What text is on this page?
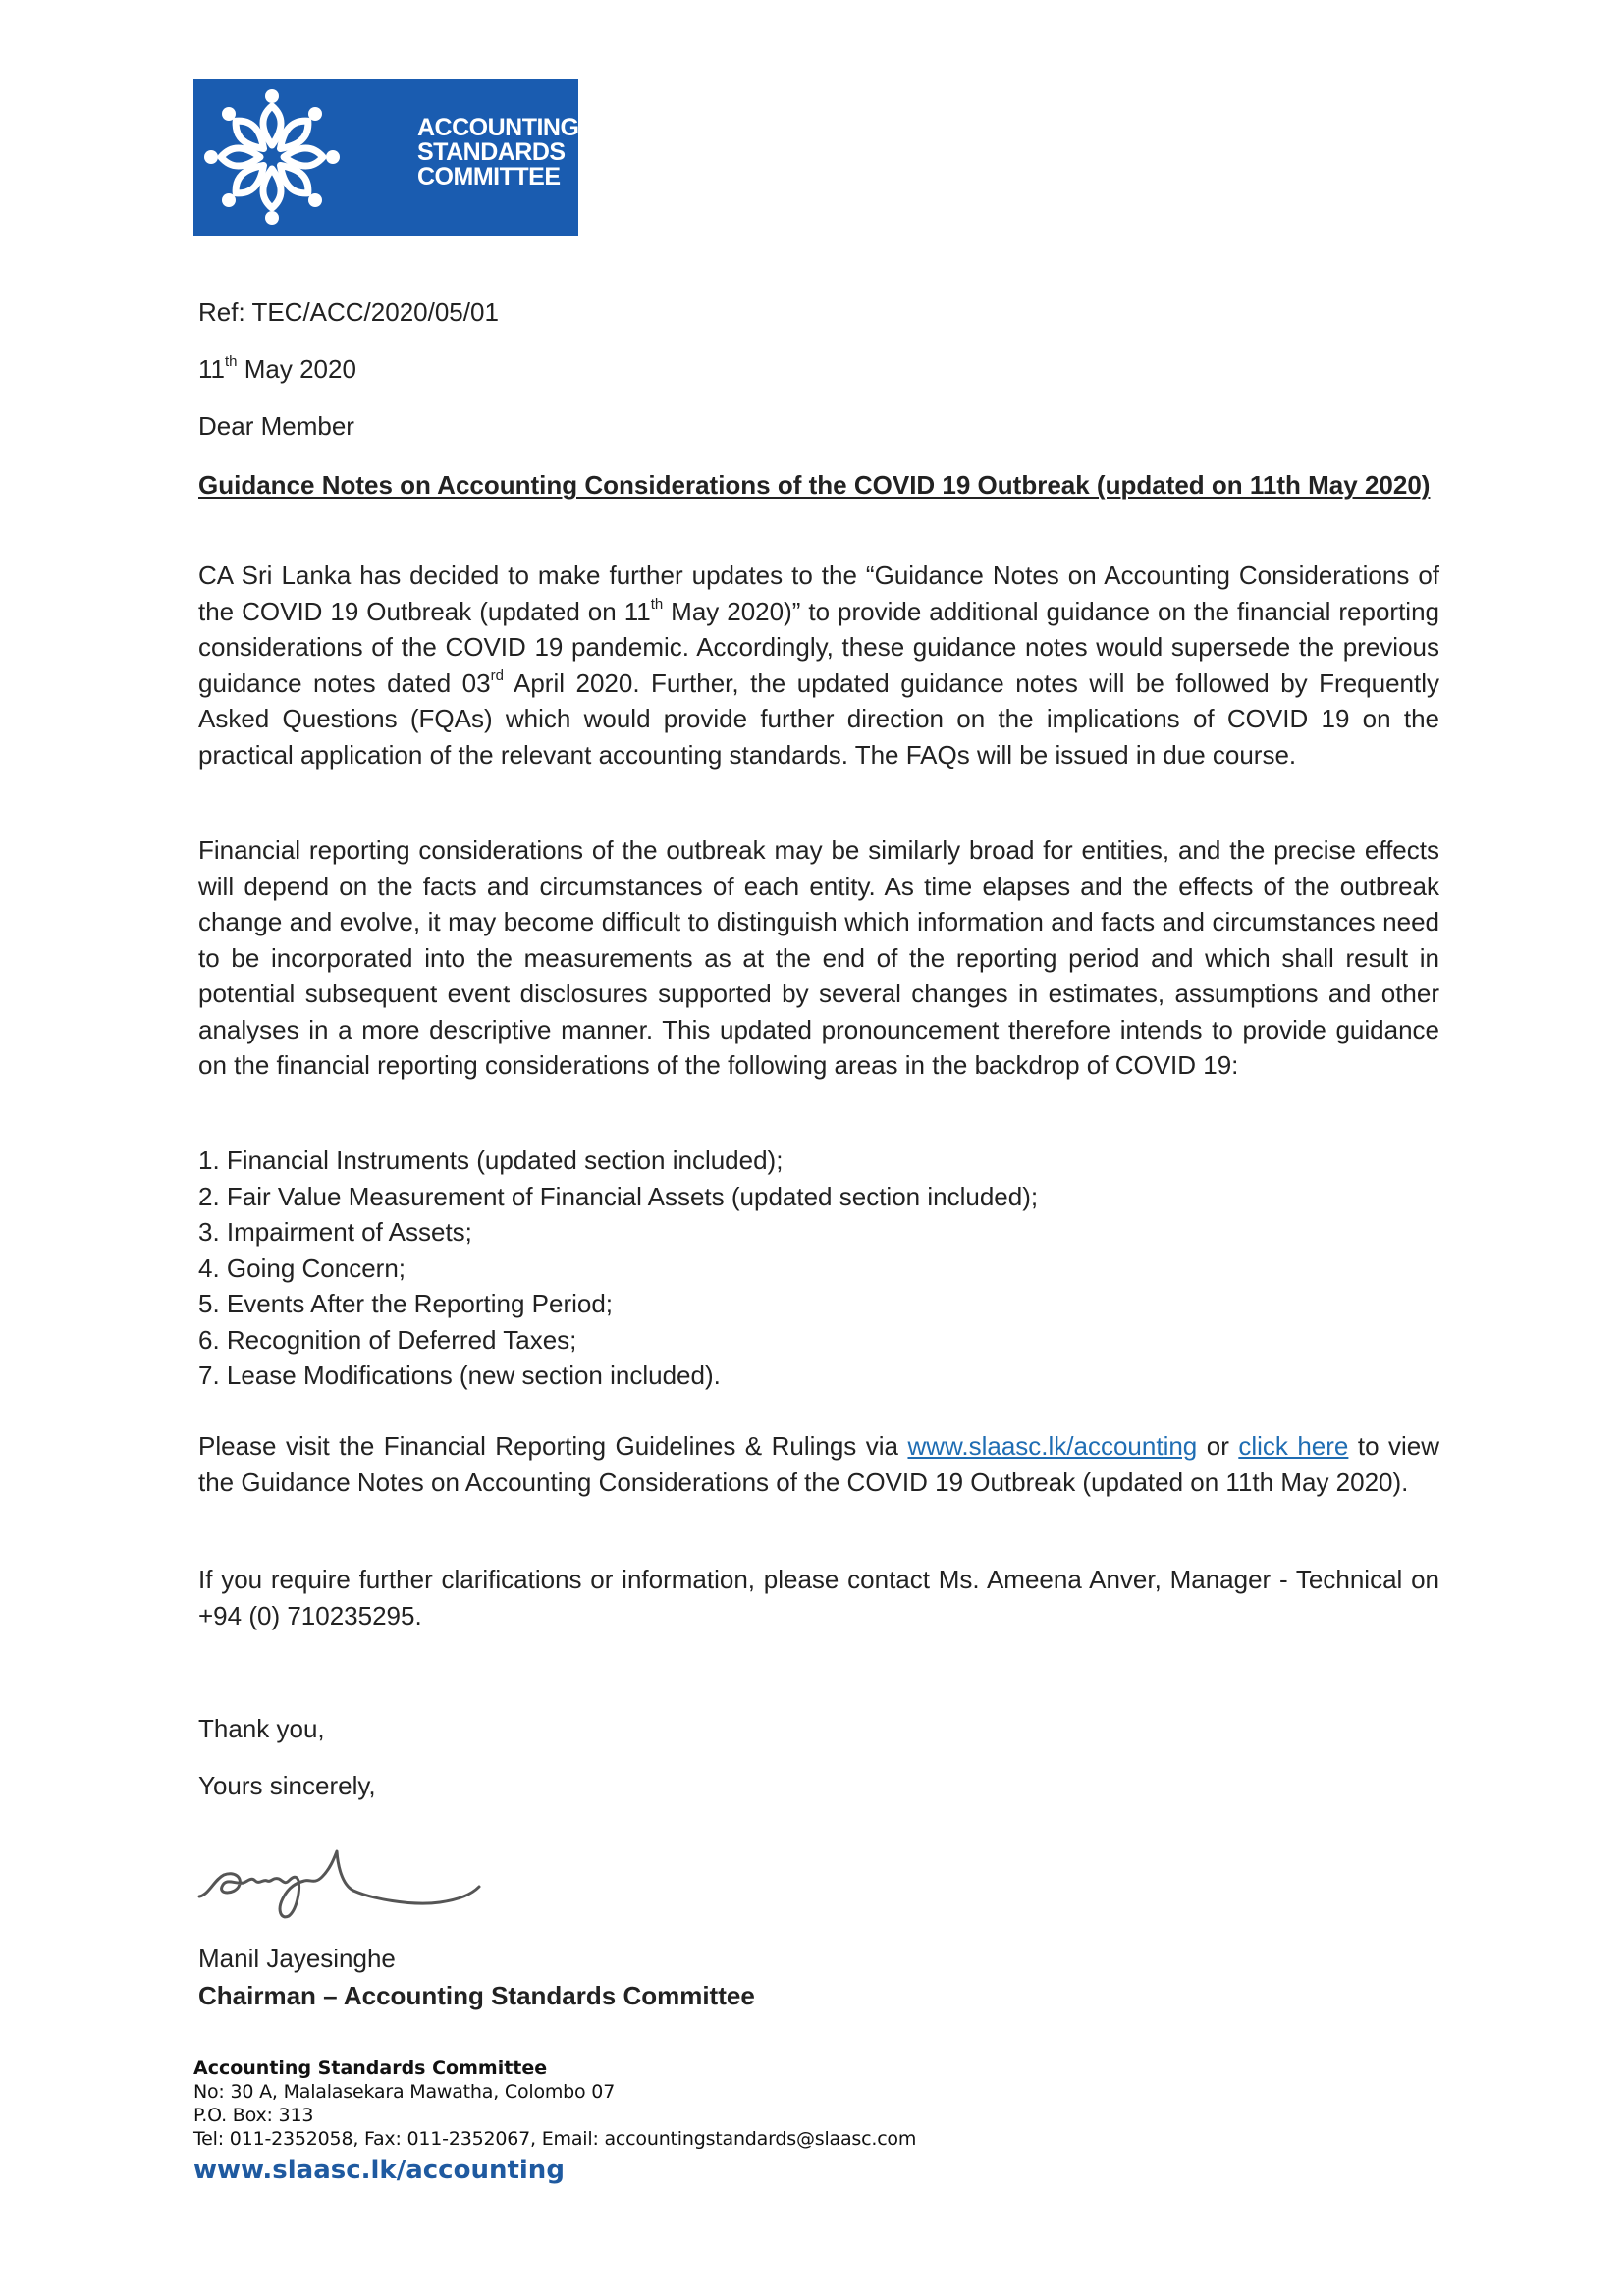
ACCOUNTING
STANDARDS
COMMITTEE
Ref: TEC/ACC/2020/05/01
11th May 2020
Dear Member
Guidance Notes on Accounting Considerations of the COVID 19 Outbreak (updated on 11th May 2020)
CA Sri Lanka has decided to make further updates to the “Guidance Notes on Accounting Considerations of the COVID 19 Outbreak (updated on 11th May 2020)” to provide additional guidance on the financial reporting considerations of the COVID 19 pandemic. Accordingly, these guidance notes would supersede the previous guidance notes dated 03rd April 2020. Further, the updated guidance notes will be followed by Frequently Asked Questions (FQAs) which would provide further direction on the implications of COVID 19 on the practical application of the relevant accounting standards. The FAQs will be issued in due course.
Financial reporting considerations of the outbreak may be similarly broad for entities, and the precise effects will depend on the facts and circumstances of each entity. As time elapses and the effects of the outbreak change and evolve, it may become difficult to distinguish which information and facts and circumstances need to be incorporated into the measurements as at the end of the reporting period and which shall result in potential subsequent event disclosures supported by several changes in estimates, assumptions and other analyses in a more descriptive manner. This updated pronouncement therefore intends to provide guidance on the financial reporting considerations of the following areas in the backdrop of COVID 19:
1. Financial Instruments (updated section included);
2. Fair Value Measurement of Financial Assets (updated section included);
3. Impairment of Assets;
4. Going Concern;
5. Events After the Reporting Period;
6. Recognition of Deferred Taxes;
7. Lease Modifications (new section included).
Please visit the Financial Reporting Guidelines & Rulings via www.slaasc.lk/accounting or click here to view the Guidance Notes on Accounting Considerations of the COVID 19 Outbreak (updated on 11th May 2020).
If you require further clarifications or information, please contact Ms. Ameena Anver, Manager - Technical on +94 (0) 710235295.
Thank you,
Yours sincerely,
Manil Jayesinghe
Chairman – Accounting Standards Committee
Accounting Standards Committee
No: 30 A, Malalasekara Mawatha, Colombo 07
P.O. Box: 313
Tel: 011-2352058, Fax: 011-2352067, Email: accountingstandards@slaasc.com
www.slaasc.lk/accounting
